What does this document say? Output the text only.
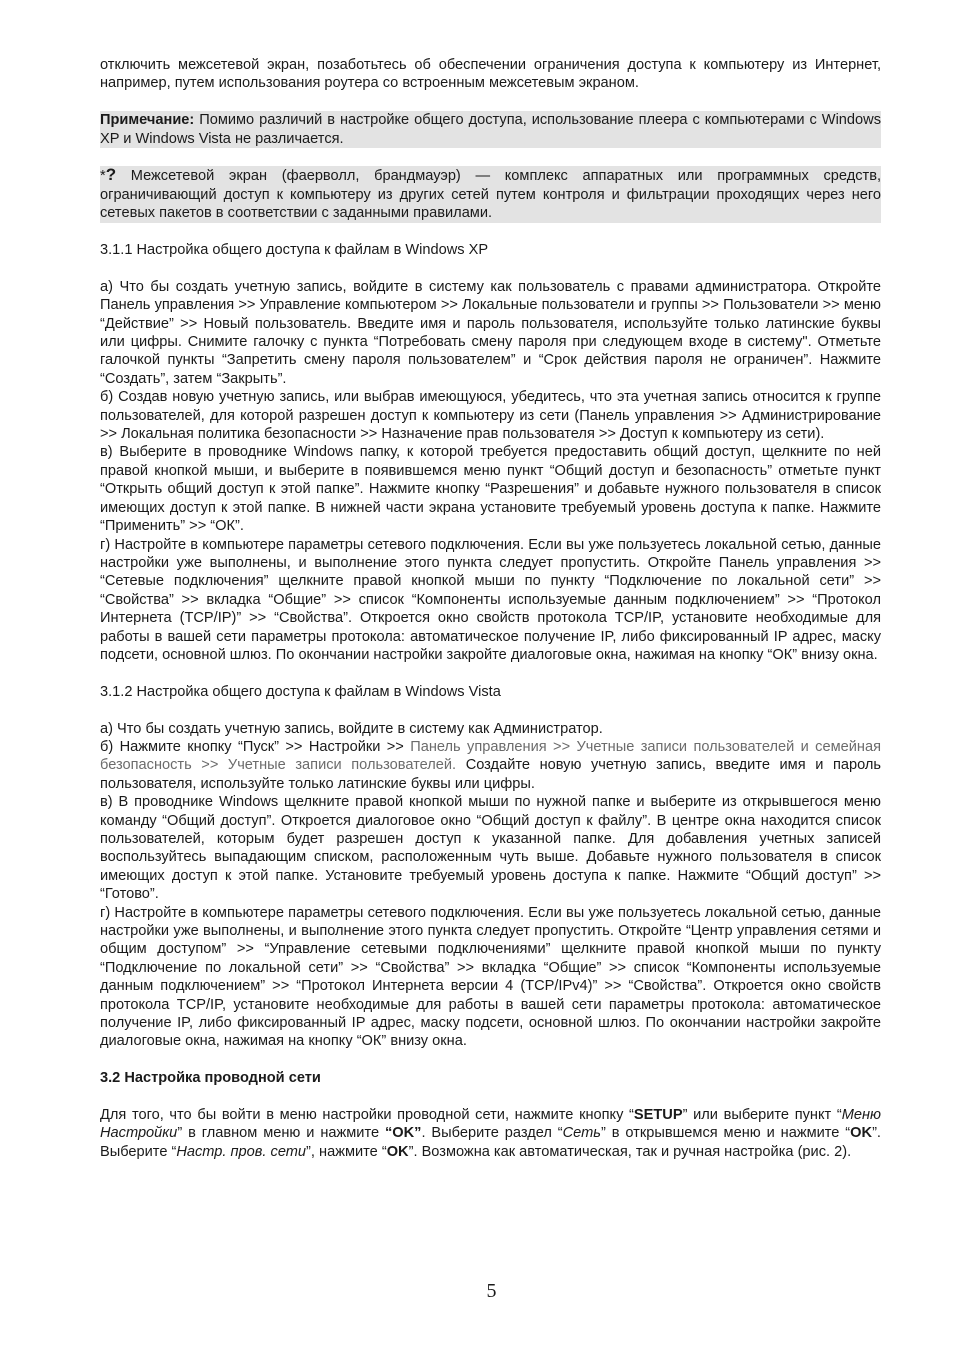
отключить межсетевой экран, позаботьтесь об обеспечении ограничения доступа к компьютеру из Интернет, например, путем использования роутера со встроенным межсетевым экраном.

Примечание: Помимо различий в настройке общего доступа, использование плеера с компьютерами с Windows XP и Windows Vista не различается.

*? Межсетевой экран (фаерволл, брандмауэр) — комплекс аппаратных или программных средств, ограничивающий доступ к компьютеру из других сетей путем контроля и фильтрации проходящих через него сетевых пакетов в соответствии с заданными правилами.

3.1.1 Настройка общего доступа к файлам в Windows XP

а) Что бы создать учетную запись, войдите в систему как пользователь с правами администратора. Откройте Панель управления >> Управление компьютером >> Локальные пользователи и группы >> Пользователи >> меню “Действие” >> Новый пользователь. Введите имя и пароль пользователя, используйте только латинские буквы или цифры. Снимите галочку с пункта “Потребовать смену пароля при следующем входе в систему". Отметьте галочкой пункты “Запретить смену пароля пользователем” и “Срок действия пароля не ограничен”. Нажмите “Создать”, затем “Закрыть”.

б) Создав новую учетную запись, или выбрав имеющуюся, убедитесь, что эта учетная запись относится к группе пользователей, для которой разрешен доступ к компьютеру из сети (Панель управления >> Администрирование >> Локальная политика безопасности >> Назначение прав пользователя >> Доступ к компьютеру из сети).

в) Выберите в проводнике Windows папку, к которой требуется предоставить общий доступ, щелкните по ней правой кнопкой мыши, и выберите в появившемся меню пункт “Общий доступ и безопасность” отметьте пункт “Открыть общий доступ к этой папке”. Нажмите кнопку “Разрешения” и добавьте нужного пользователя в список имеющих доступ к этой папке. В нижней части экрана установите требуемый уровень доступа к папке. Нажмите “Применить” >> “ОК”.

г) Настройте в компьютере параметры сетевого подключения. Если вы уже пользуетесь локальной сетью, данные настройки уже выполнены, и выполнение этого пункта следует пропустить. Откройте Панель управления >> “Сетевые подключения” щелкните правой кнопкой мыши по пункту “Подключение по локальной сети” >> “Свойства” >> вкладка “Общие” >> список “Компоненты используемые данным подключением” >> “Протокол Интернета (TCP/IP)” >> “Свойства”. Откроется окно свойств протокола TCP/IP, установите необходимые для работы в вашей сети параметры протокола: автоматическое получение IP, либо фиксированный IP адрес, маску подсети, основной шлюз. По окончании настройки закройте диалоговые окна, нажимая на кнопку “ОК” внизу окна.

3.1.2 Настройка общего доступа к файлам в Windows Vista

а) Что бы создать учетную запись, войдите в систему как Администратор.

б) Нажмите кнопку “Пуск” >> Настройки >> Панель управления >> Учетные записи пользователей и семейная безопасность >> Учетные записи пользователей. Создайте новую учетную запись, введите имя и пароль пользователя, используйте только латинские буквы или цифры.

в) В проводнике Windows щелкните правой кнопкой мыши по нужной папке и выберите из открывшегося меню команду “Общий доступ”. Откроется диалоговое окно “Общий доступ к файлу”. В центре окна находится список пользователей, которым будет разрешен доступ к указанной папке. Для добавления учетных записей воспользуйтесь выпадающим списком, расположенным чуть выше. Добавьте нужного пользователя в список имеющих доступ к этой папке. Установите требуемый уровень доступа к папке. Нажмите “Общий доступ” >> “Готово”.

г) Настройте в компьютере параметры сетевого подключения. Если вы уже пользуетесь локальной сетью, данные настройки уже выполнены, и выполнение этого пункта следует пропустить. Откройте “Центр управления сетями и общим доступом” >> “Управление сетевыми подключениями” щелкните правой кнопкой мыши по пункту “Подключение по локальной сети” >> “Свойства” >> вкладка “Общие” >> список “Компоненты используемые данным подключением” >> “Протокол Интернета версии 4 (TCP/IPv4)” >> “Свойства”. Откроется окно свойств протокола TCP/IP, установите необходимые для работы в вашей сети параметры протокола: автоматическое получение IP, либо фиксированный IP адрес, маску подсети, основной шлюз. По окончании настройки закройте диалоговые окна, нажимая на кнопку “ОК” внизу окна.

3.2 Настройка проводной сети

Для того, что бы войти в меню настройки проводной сети, нажмите кнопку “SETUP” или выберите пункт “Меню Настройки” в главном меню и нажмите “OK”. Выберите раздел “Сеть” в открывшемся меню и нажмите “OK”. Выберите “Настр. пров. сети”, нажмите “OK”. Возможна как автоматическая, так и ручная настройка (рис. 2).

5
